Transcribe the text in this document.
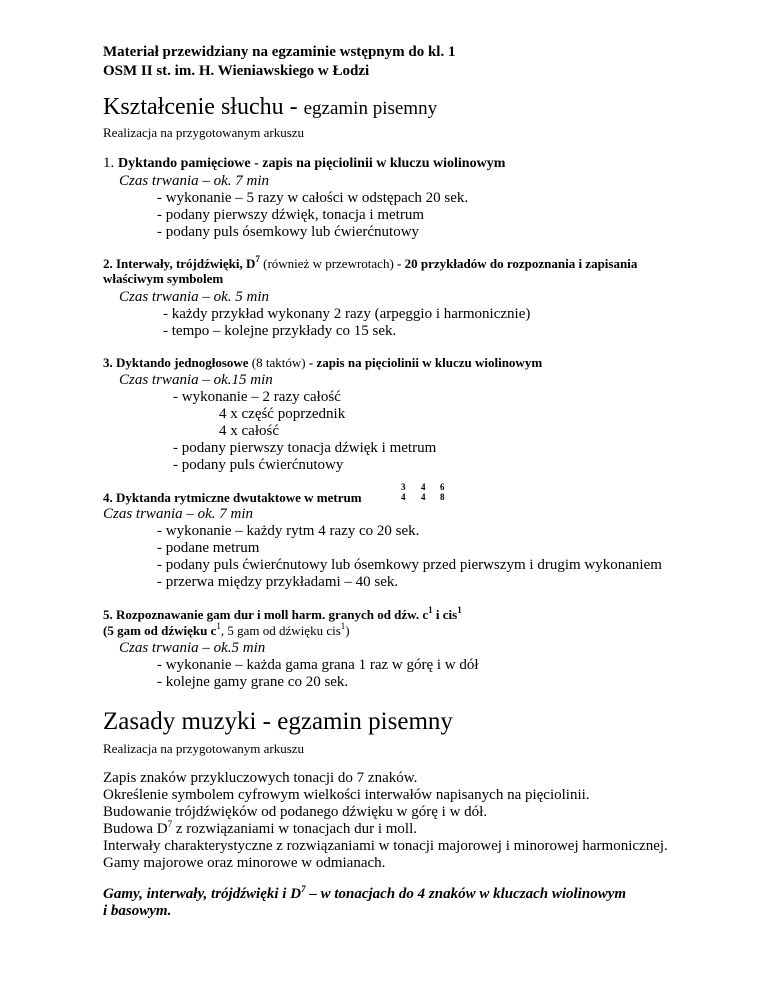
Materiał przewidziany na egzaminie wstępnym do kl. 1
OSM II st. im. H. Wieniawskiego w Łodzi
Kształcenie słuchu - egzamin pisemny
Realizacja na przygotowanym arkuszu
1. Dyktando pamięciowe - zapis na pięciolinii w kluczu wiolinowym
Czas trwania – ok. 7 min
- wykonanie – 5 razy w całości w odstępach 20 sek.
- podany pierwszy dźwięk, tonacja i metrum
- podany puls ósemkowy lub ćwierćnutowy
2. Interwały, trójdźwięki, $D^7$ (również w przewrotach) - 20 przykładów do rozpoznania i zapisania
właściwym symbolem
Czas trwania – ok. 5 min
- każdy przykład wykonany 2 razy (arpeggio i harmonicznie)
- tempo – kolejne przykłady co 15 sek.
3. Dyktando jednogłosowe (8 taktów) - zapis na pięciolinii w kluczu wiolinowym
Czas trwania – ok.15 min
- wykonanie – 2 razy całość
4 x część poprzednik
4 x całość
- podany pierwszy tonacja dźwięk i metrum
- podany puls ćwierćnutowy
4. Dyktanda rytmiczne dwutaktowe w metrum
3
4
4
4
6
8
Czas trwania – ok. 7 min
- wykonanie – każdy rytm 4 razy co 20 sek.
- podane metrum
- podany puls ćwierćnutowy lub ósemkowy przed pierwszym i drugim wykonaniem
- przerwa między przykładami – 40 sek.
5. Rozpoznawanie gam dur i moll harm. granych od dźw. $c^1$ i cis$^1$
(5 gam od dźwięku $c^1$, 5 gam od dźwięku cis$^1$)
Czas trwania – ok.5 min
- wykonanie – każda gama grana 1 raz w górę i w dół
- kolejne gamy grane co 20 sek.
Zasady muzyki - egzamin pisemny
Realizacja na przygotowanym arkuszu
Zapis znaków przykluczowych tonacji do 7 znaków.
Określenie symbolem cyfrowym wielkości interwałów napisanych na pięciolinii.
Budowanie trójdźwięków od podanego dźwięku w górę i w dół.
Budowa $D^7$ z rozwiązaniami w tonacjach dur i moll.
Interwały charakterystyczne z rozwiązaniami w tonacji majorowej i minorowej harmonicznej.
Gamy majorowe oraz minorowe w odmianach.
Gamy, interwały, trójdźwięki i $D^7$ – w tonacjach do 4 znaków w kluczach wiolinowym
i basowym.
